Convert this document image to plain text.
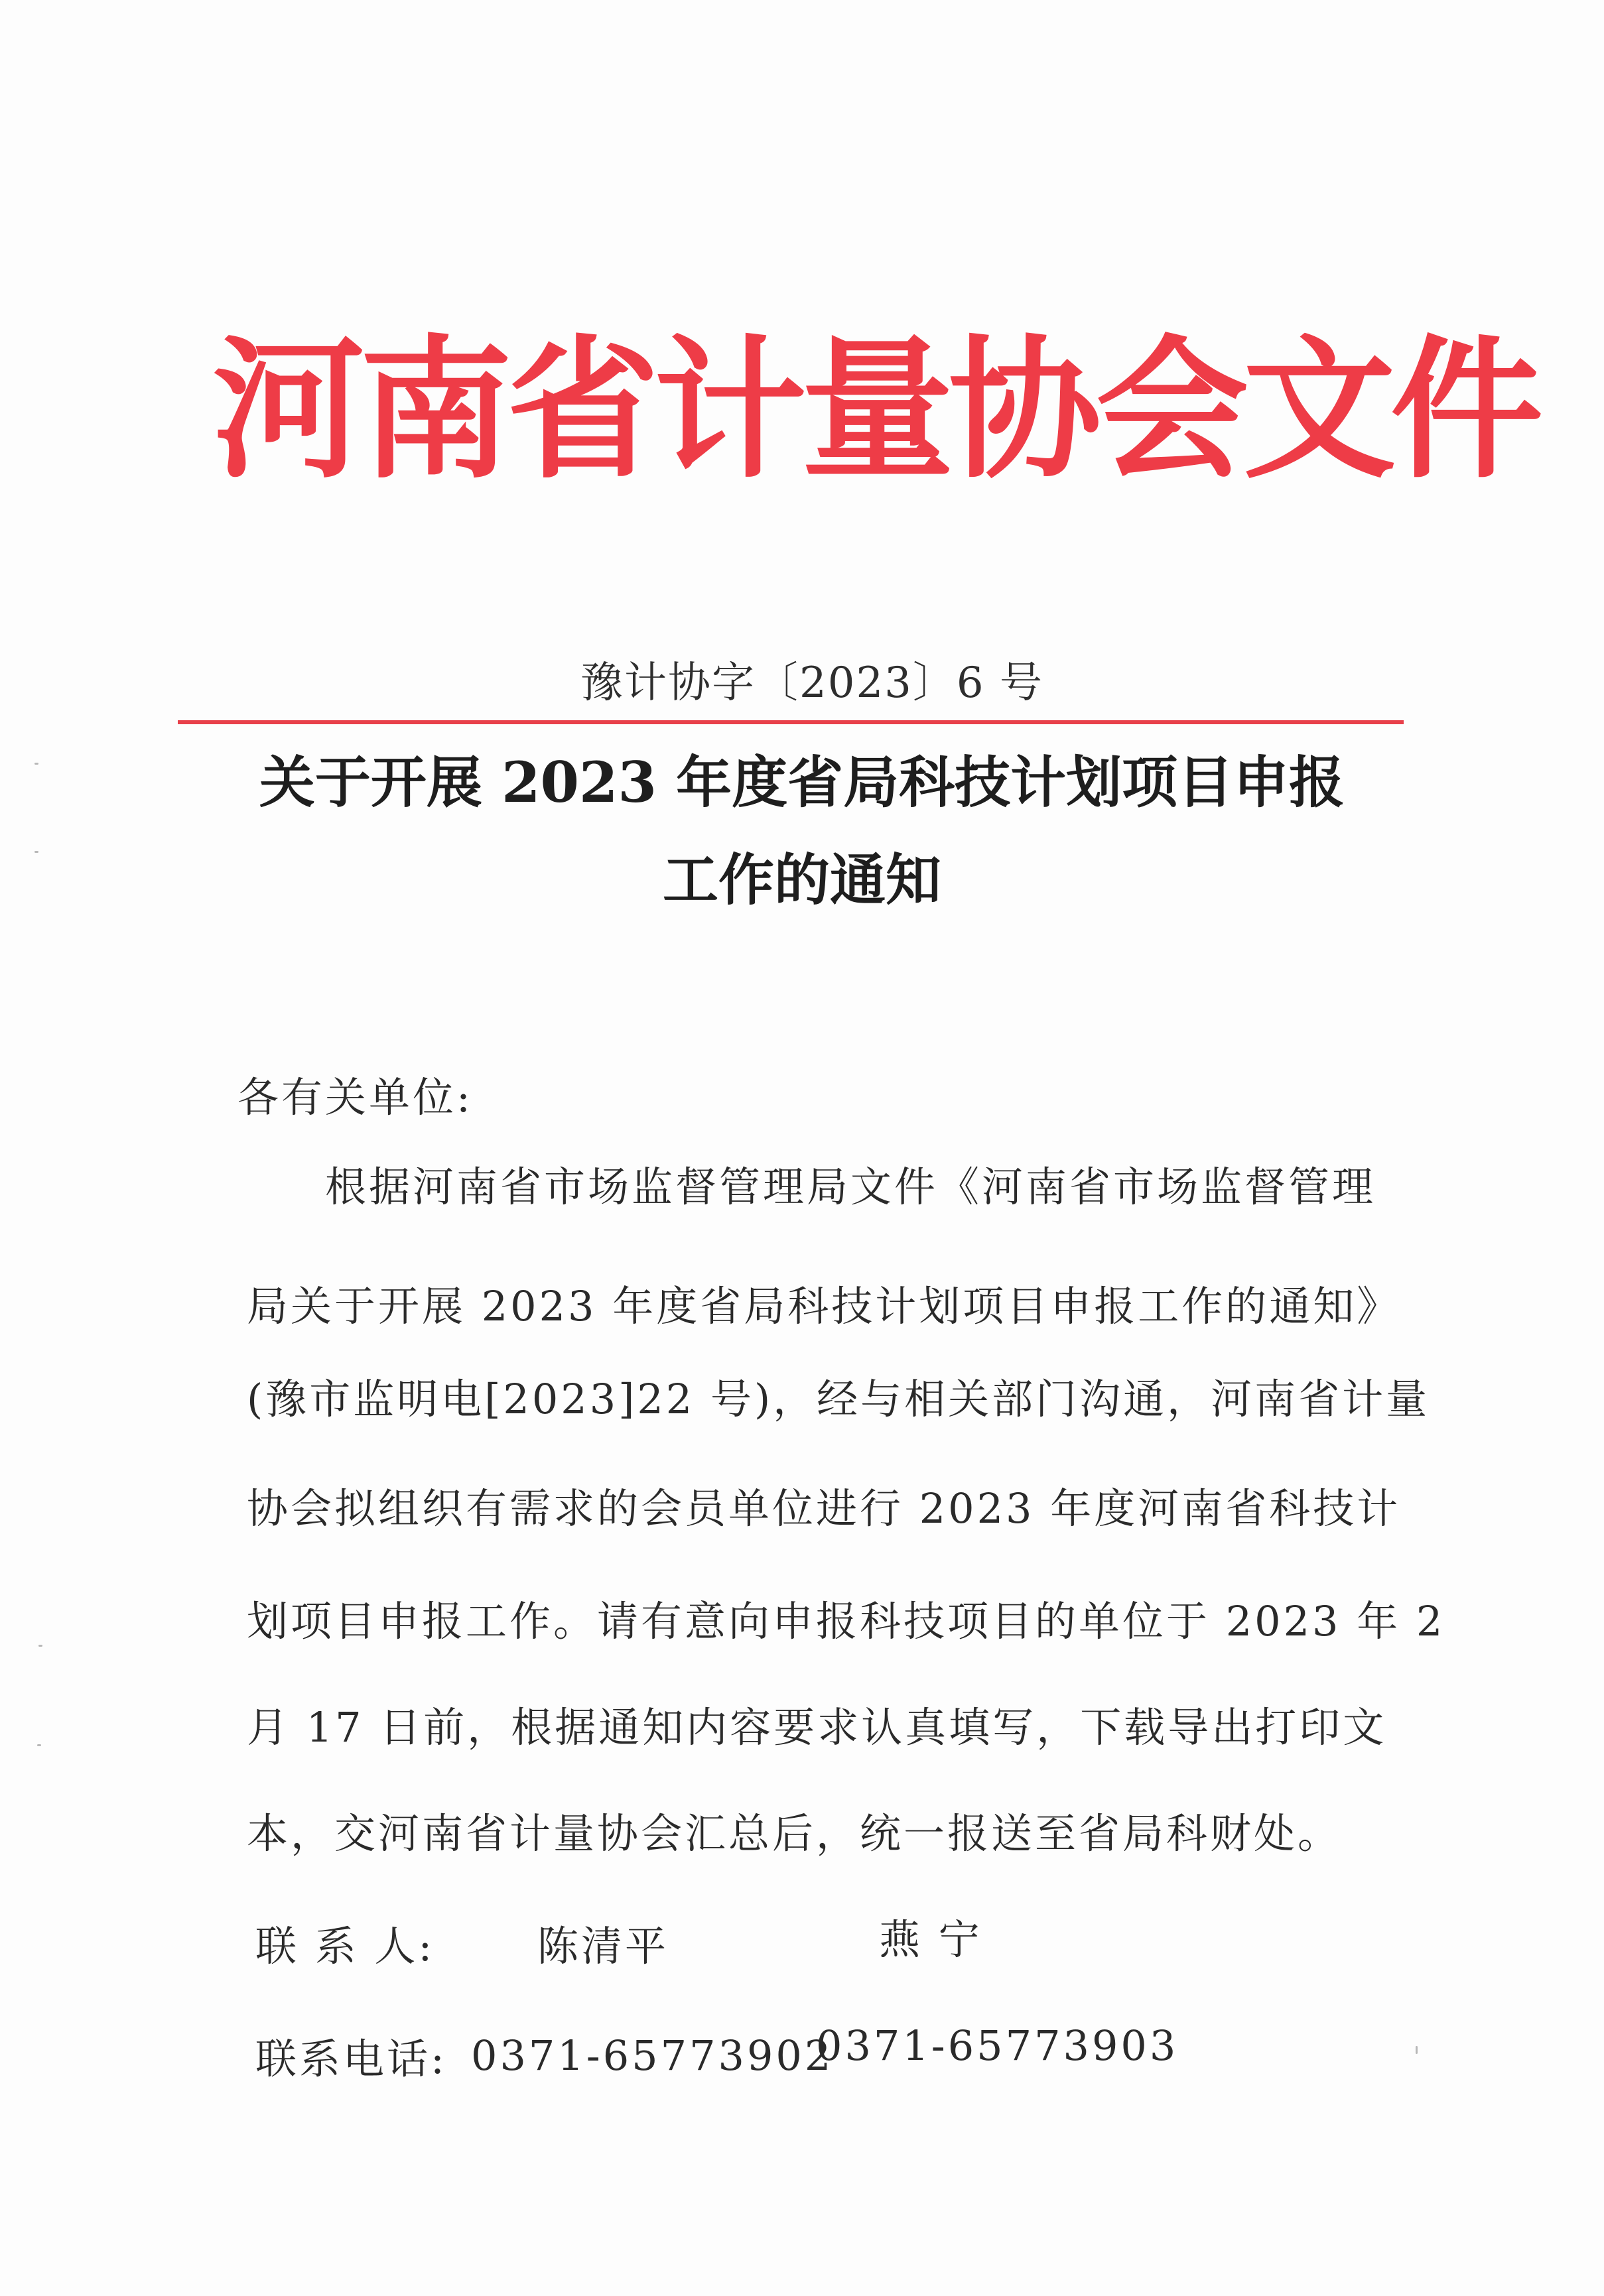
河南省计量协会文件
豫计协字〔2023〕6 号
关于开展 2023 年度省局科技计划项目申报
工作的通知
各有关单位:
根据河南省市场监督管理局文件《河南省市场监督管理
局关于开展 2023 年度省局科技计划项目申报工作的通知》
(豫市监明电[2023]22 号)，经与相关部门沟通，河南省计量
协会拟组织有需求的会员单位进行 2023 年度河南省科技计
划项目申报工作。请有意向申报科技项目的单位于 2023 年 2
月 17 日前，根据通知内容要求认真填写，下载导出打印文
本，交河南省计量协会汇总后，统一报送至省局科财处。
联 系 人: 陈清平	燕 宁
联系电话: 0371-65773902
0371-65773903
